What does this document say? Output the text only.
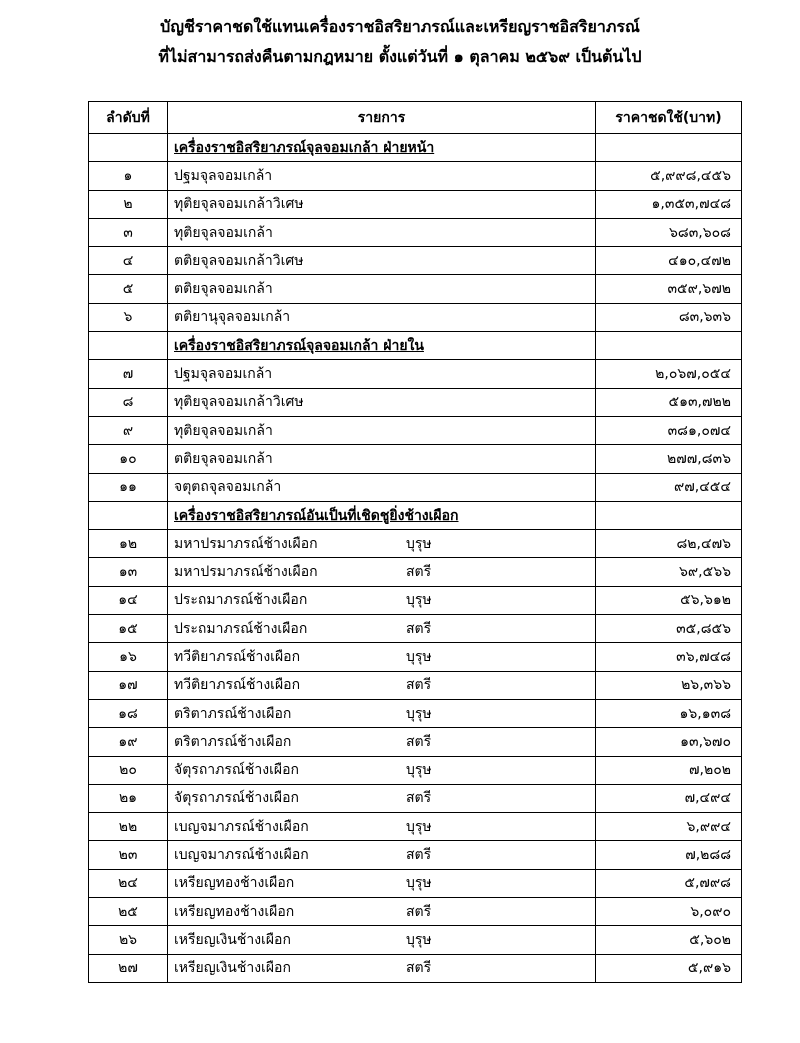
บัญชีราคาชดใช้แทนเครื่องราชอิสริยาภรณ์และเหรียญราชอิสริยาภรณ์
ที่ไม่สามารถส่งคืนตามกฎหมาย ตั้งแต่วันที่ ๑ ตุลาคม ๒๕๖๙ เป็นต้นไป
ลำดับที่	รายการ	ราคาชดใช้(บาท)
	เครื่องราชอิสริยาภรณ์จุลจอมเกล้า ฝ่ายหน้า	
๑	ปฐมจุลจอมเกล้า	๕,๙๙๘,๔๕๖
๒	ทุติยจุลจอมเกล้าวิเศษ	๑,๓๕๓,๗๔๘
๓	ทุติยจุลจอมเกล้า	๖๘๓,๖๐๘
๔	ตติยจุลจอมเกล้าวิเศษ	๔๑๐,๔๗๒
๕	ตติยจุลจอมเกล้า	๓๕๙,๖๗๒
๖	ตติยานุจุลจอมเกล้า	๘๓,๖๓๖
	เครื่องราชอิสริยาภรณ์จุลจอมเกล้า ฝ่ายใน	
๗	ปฐมจุลจอมเกล้า	๒,๐๖๗,๐๕๔
๘	ทุติยจุลจอมเกล้าวิเศษ	๕๑๓,๗๒๒
๙	ทุติยจุลจอมเกล้า	๓๘๑,๐๗๔
๑๐	ตติยจุลจอมเกล้า	๒๗๗,๘๓๖
๑๑	จตุตถจุลจอมเกล้า	๙๗,๔๕๔
	เครื่องราชอิสริยาภรณ์อันเป็นที่เชิดชูยิ่งช้างเผือก	
๑๒	มหาปรมาภรณ์ช้างเผือก บุรุษ	๘๒,๔๗๖
๑๓	มหาปรมาภรณ์ช้างเผือก สตรี	๖๙,๕๖๖
๑๔	ประถมาภรณ์ช้างเผือก บุรุษ	๕๖,๖๑๒
๑๕	ประถมาภรณ์ช้างเผือก สตรี	๓๕,๘๕๖
๑๖	ทวีติยาภรณ์ช้างเผือก บุรุษ	๓๖,๗๔๘
๑๗	ทวีติยาภรณ์ช้างเผือก สตรี	๒๖,๓๖๖
๑๘	ตริตาภรณ์ช้างเผือก บุรุษ	๑๖,๑๓๘
๑๙	ตริตาภรณ์ช้างเผือก สตรี	๑๓,๖๗๐
๒๐	จัตุรถาภรณ์ช้างเผือก บุรุษ	๗,๒๐๒
๒๑	จัตุรถาภรณ์ช้างเผือก สตรี	๗,๔๙๔
๒๒	เบญจมาภรณ์ช้างเผือก บุรุษ	๖,๙๙๔
๒๓	เบญจมาภรณ์ช้างเผือก สตรี	๗,๒๘๘
๒๔	เหรียญทองช้างเผือก บุรุษ	๕,๗๙๘
๒๕	เหรียญทองช้างเผือก สตรี	๖,๐๙๐
๒๖	เหรียญเงินช้างเผือก บุรุษ	๕,๖๐๒
๒๗	เหรียญเงินช้างเผือก สตรี	๕,๙๑๖
